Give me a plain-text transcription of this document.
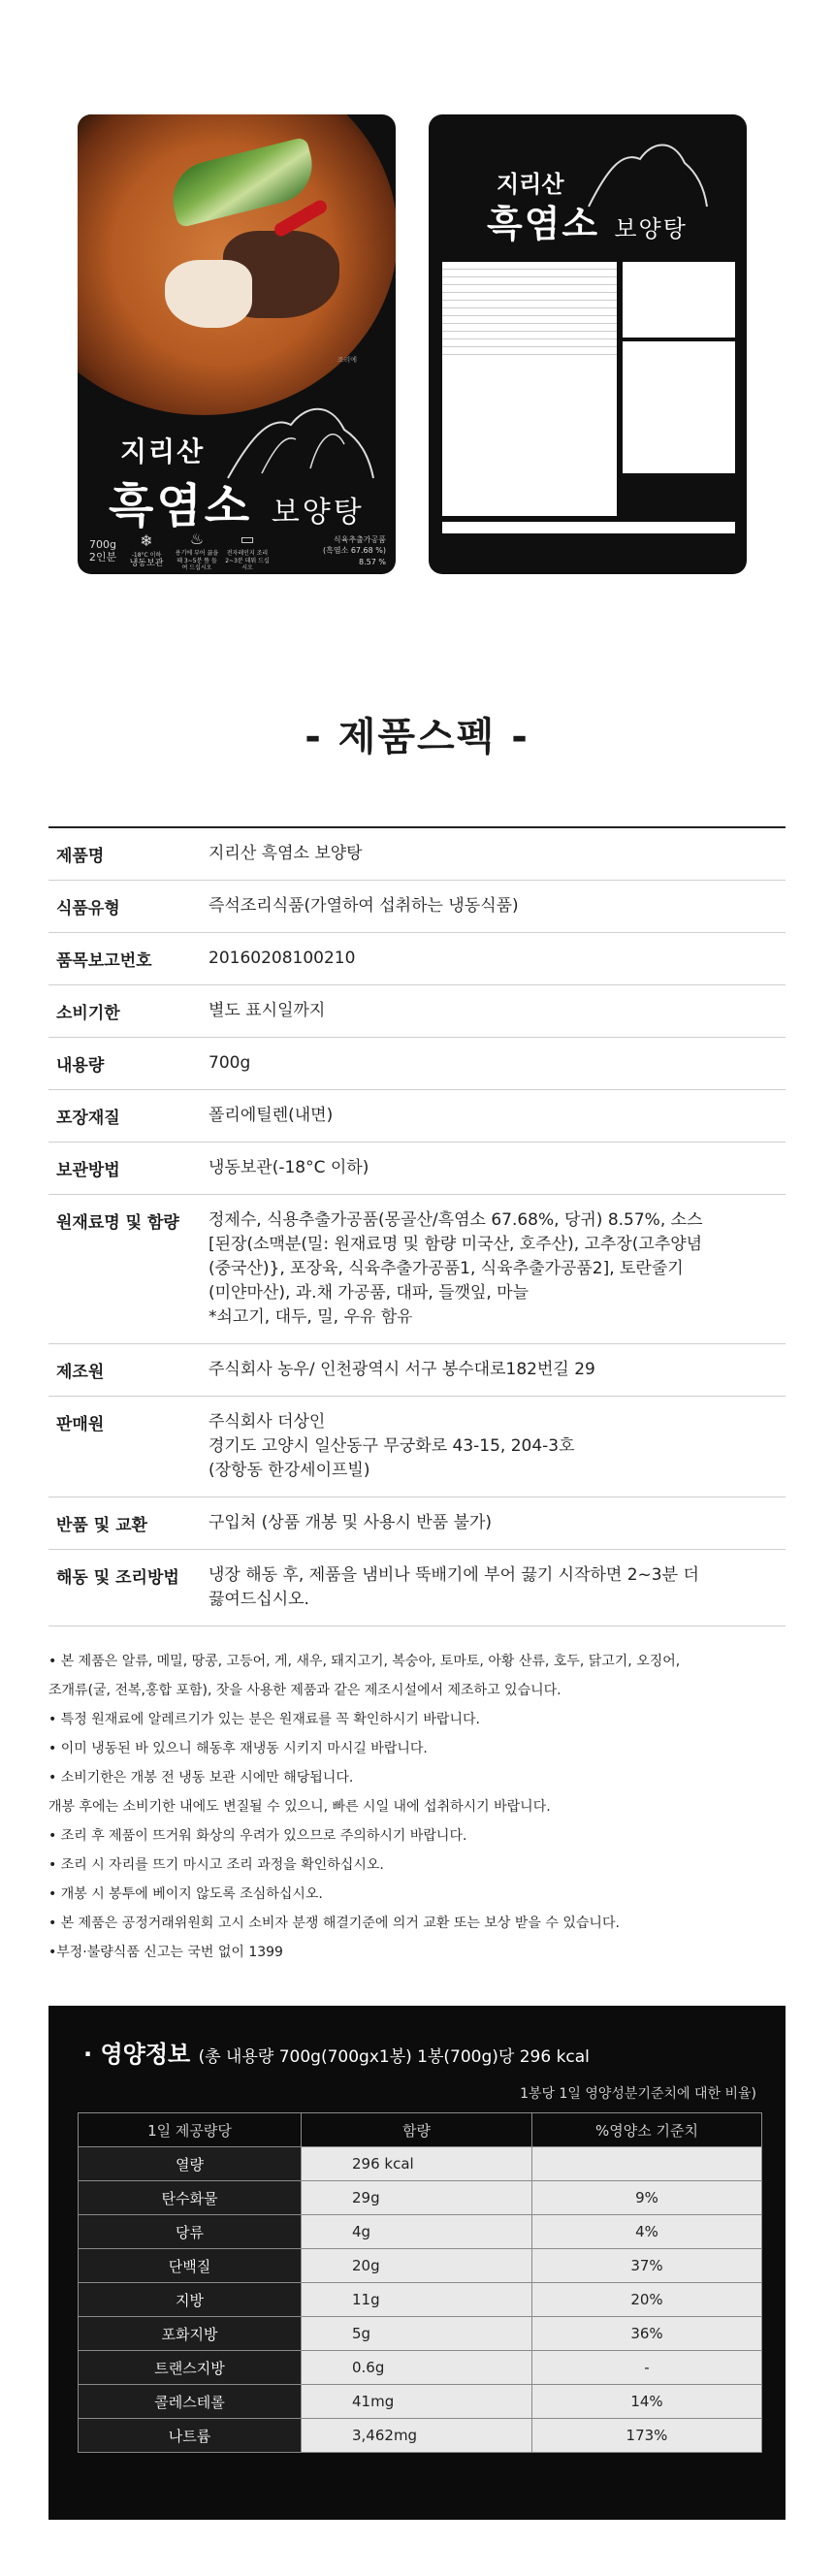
조리예
지리산
흑염소 보양탕
700g
2인분
❄
-18°C 이하
냉동보관
♨
용기에 부어 끓을 때 3~5분 뜸 들여 드십시오
▭
전자레인지 조리 2~3분 데워 드십시오
식육추출가공품
(흑염소 67.68 %)
8.57 %
지리산
흑염소 보양탕
- 제품스펙 -
제품명	지리산 흑염소 보양탕
식품유형	즉석조리식품(가열하여 섭취하는 냉동식품)
품목보고번호	20160208100210
소비기한	별도 표시일까지
내용량	700g
포장재질	폴리에틸렌(내면)
보관방법	냉동보관(-18°C 이하)
원재료명 및 함량	정제수, 식용추출가공품(몽골산/흑염소 67.68%, 당귀) 8.57%, 소스
[된장(소맥분(밀: 원재료명 및 함량 미국산, 호주산), 고추장(고추양념
(중국산)}, 포장육, 식육추출가공품1, 식육추출가공품2], 토란줄기
(미얀마산), 과.채 가공품, 대파, 들깻잎, 마늘
*쇠고기, 대두, 밀, 우유 함유
제조원	주식회사 농우/ 인천광역시 서구 봉수대로182번길 29
판매원	주식회사 더상인
경기도 고양시 일산동구 무궁화로 43-15, 204-3호
(장항동 한강세이프빌)
반품 및 교환	구입처 (상품 개봉 및 사용시 반품 불가)
해동 및 조리방법	냉장 해동 후, 제품을 냄비나 뚝배기에 부어 끓기 시작하면 2~3분 더
끓여드십시오.
• 본 제품은 알류, 메밀, 땅콩, 고등어, 게, 새우, 돼지고기, 복숭아, 토마토, 아황 산류, 호두, 닭고기, 오징어,
조개류(굴, 전복,홍합 포함), 잣을 사용한 제품과 같은 제조시설에서 제조하고 있습니다.
• 특정 원재료에 알레르기가 있는 분은 원재료를 꼭 확인하시기 바랍니다.
• 이미 냉동된 바 있으니 해동후 재냉동 시키지 마시길 바랍니다.
• 소비기한은 개봉 전 냉동 보관 시에만 해당됩니다.
개봉 후에는 소비기한 내에도 변질될 수 있으니, 빠른 시일 내에 섭취하시기 바랍니다.
• 조리 후 제품이 뜨거워 화상의 우려가 있으므로 주의하시기 바랍니다.
• 조리 시 자리를 뜨기 마시고 조리 과정을 확인하십시오.
• 개봉 시 봉투에 베이지 않도록 조심하십시오.
• 본 제품은 공정거래위원회 고시 소비자 분쟁 해결기준에 의거 교환 또는 보상 받을 수 있습니다.
•부정·불량식품 신고는 국번 없이 1399
· 영양정보 (총 내용량 700g(700gx1봉) 1봉(700g)당 296 kcal
1봉당 1일 영양성분기준치에 대한 비율)
1일 제공량당	함량	%영양소 기준치
열량	296 kcal	
탄수화물	29g	9%
당류	4g	4%
단백질	20g	37%
지방	11g	20%
포화지방	5g	36%
트랜스지방	0.6g	-
콜레스테롤	41mg	14%
나트륨	3,462mg	173%
